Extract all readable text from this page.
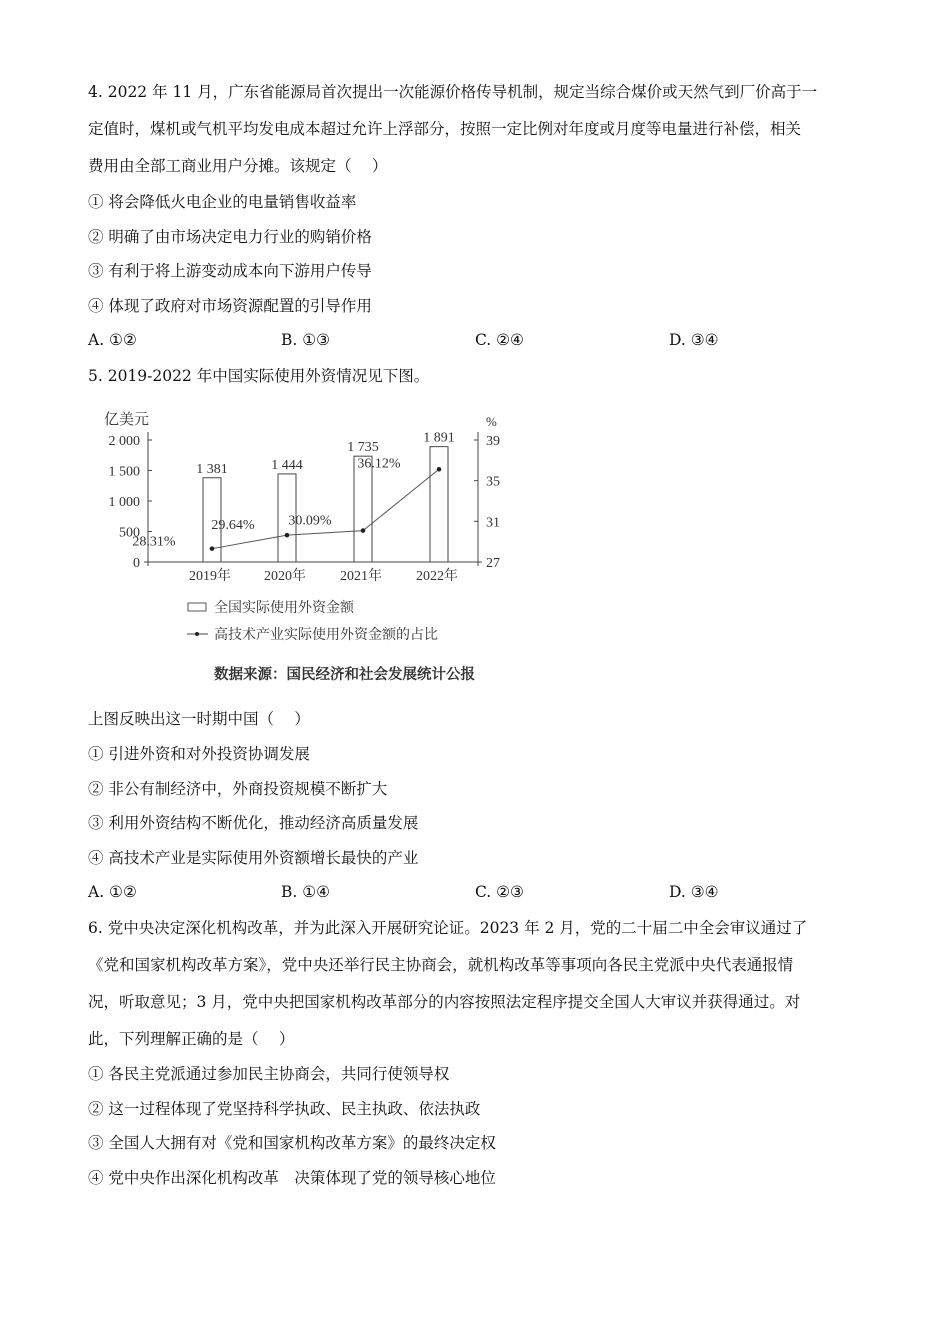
4. 2022 年 11 月，广东省能源局首次提出一次能源价格传导机制，规定当综合煤价或天然气到厂价高于一
定值时，煤机或气机平均发电成本超过允许上浮部分，按照一定比例对年度或月度等电量进行补偿，相关
费用由全部工商业用户分摊。该规定（　 ）
① 将会降低火电企业的电量销售收益率
② 明确了由市场决定电力行业的购销价格
③ 有利于将上游变动成本向下游用户传导
④ 体现了政府对市场资源配置的引导作用
A. ①②	B. ①③	C. ②④	D. ③④
5. 2019-2022 年中国实际使用外资情况见下图。
亿美元	%
0
500
1 000
1 500
2 000
27
31
35
39
1 381	1 444
1 735
1 891
28.31%
29.64% 30.09%
36.12%
2019年 2020年 2021年 2022年
全国实际使用外资金额
高技术产业实际使用外资金额的占比
数据来源：国民经济和社会发展统计公报
上图反映出这一时期中国（　 ）
① 引进外资和对外投资协调发展
② 非公有制经济中，外商投资规模不断扩大
③ 利用外资结构不断优化，推动经济高质量发展
④ 高技术产业是实际使用外资额增长最快的产业
A. ①②	B. ①④	C. ②③	D. ③④
6. 党中央决定深化机构改革，并为此深入开展研究论证。2023 年 2 月，党的二十届二中全会审议通过了
《党和国家机构改革方案》，党中央还举行民主协商会，就机构改革等事项向各民主党派中央代表通报情
况，听取意见；3 月，党中央把国家机构改革部分的内容按照法定程序提交全国人大审议并获得通过。对
此，下列理解正确的是（　 ）
① 各民主党派通过参加民主协商会，共同行使领导权
② 这一过程体现了党坚持科学执政、民主执政、依法执政
③ 全国人大拥有对《党和国家机构改革方案》的最终决定权
④ 党中央作出深化机构改革　决策体现了党的领导核心地位
